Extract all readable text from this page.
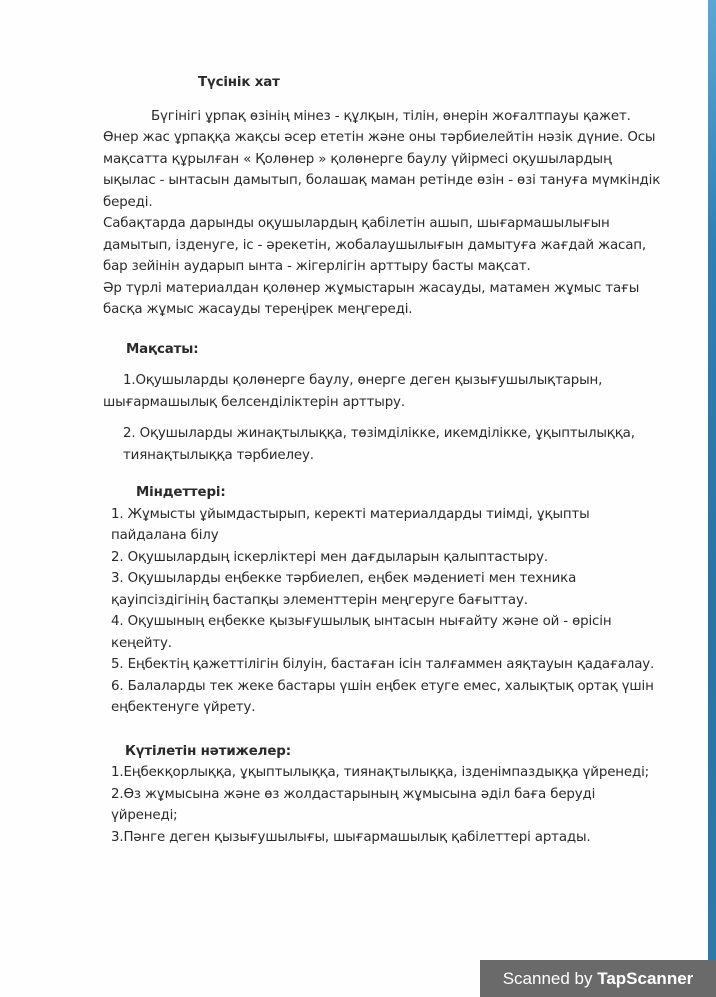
Түсінік хат

Бүгінігі ұрпақ өзінің мінез - құлқын, тілін, өнерін жоғалтпауы қажет. Өнер жас ұрпаққа жақсы әсер ететін және оны тәрбиелейтін нәзік дүние. Осы мақсатта құрылған « Қолөнер » қолөнерге баулу үйірмесі оқушылардың ықылас - ынтасын дамытып, болашақ маман ретінде өзін - өзі тануға мүмкіндік береді.

Сабақтарда дарынды оқушылардың қабілетін ашып, шығармашылығын дамытып, ізденуге, іс - әрекетін, жобалаушылығын дамытуға жағдай жасап, бар зейінін аударып ынта - жігерлігін арттыру басты мақсат.

Әр түрлі материалдан қолөнер жұмыстарын жасауды, матамен жұмыс тағы басқа жұмыс жасауды тереңірек меңгереді.

Мақсаты:

1.Оқушыларды қолөнерге баулу, өнерге деген қызығушылықтарын, шығармашылық белсенділіктерін арттыру.

2. Оқушыларды жинақтылыққа, төзімділікке, икемділікке, ұқыптылыққа, тиянақтылыққа тәрбиелеу.

Міндеттері:

1. Жұмысты ұйымдастырып, керекті материалдарды тиімді, ұқыпты пайдалана білу

2. Оқушылардың іскерліктері мен дағдыларын қалыптастыру.

3. Оқушыларды еңбекке тәрбиелеп, еңбек мәдениеті мен техника қауіпсіздігінің бастапқы элементтерін меңгеруге бағыттау.

4. Оқушының еңбекке қызығушылық ынтасын нығайту және ой - өрісін кеңейту.

5. Еңбектің қажеттілігін білуін, бастаған ісін талғаммен аяқтауын қадағалау.

6. Балаларды тек жеке бастары үшін еңбек етуге емес, халықтық ортақ үшін еңбектенуге үйрету.

Күтілетін нәтижелер:

1.Еңбекқорлыққа, ұқыптылыққа, тиянақтылыққа, ізденімпаздыққа үйренеді;

2.Өз жұмысына және өз жолдастарының жұмысына әділ баға беруді үйренеді;

3.Пәнге деген қызығушылығы, шығармашылық қабілеттері артады.

Scanned by TapScanner
